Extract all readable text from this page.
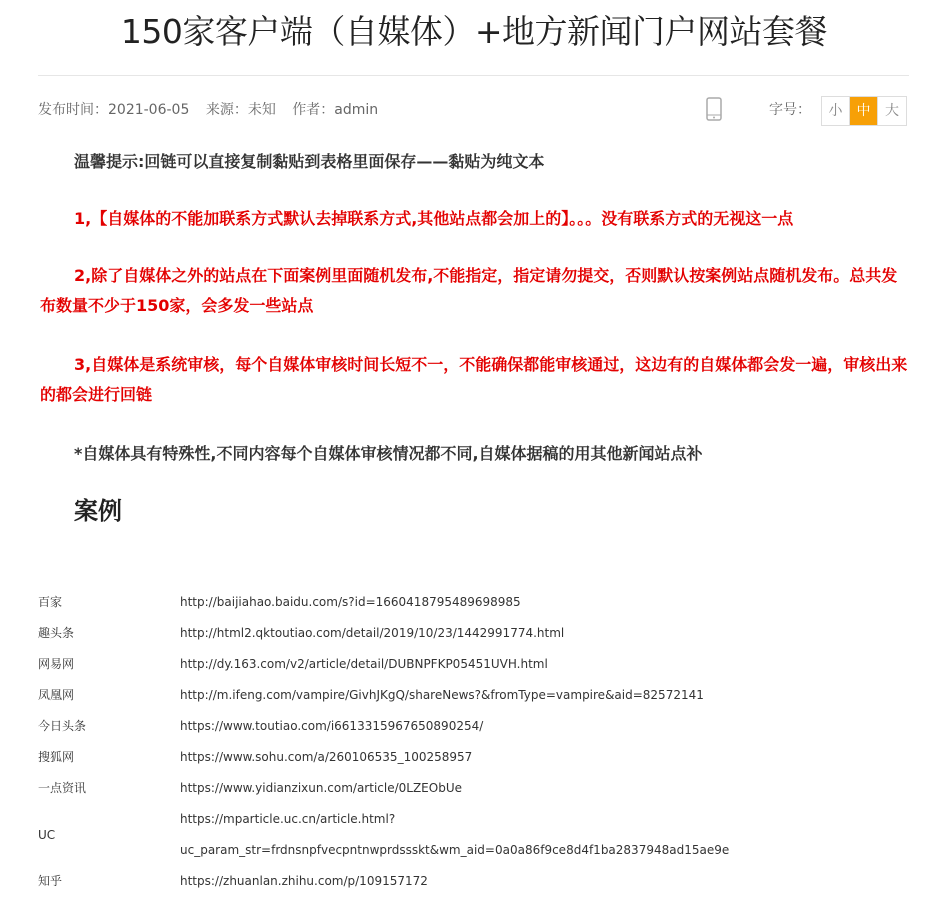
150家客户端（自媒体）+地方新闻门户网站套餐
发布时间：2021-06-05 来源：未知 作者：admin	字号：	小	中	大

温馨提示:回链可以直接复制黏贴到表格里面保存——黏贴为纯文本

1,【自媒体的不能加联系方式默认去掉联系方式,其他站点都会加上的】。。。没有联系方式的无视这一点

2,除了自媒体之外的站点在下面案例里面随机发布,不能指定，指定请勿提交，否则默认按案例站点随机发布。总共发布数量不少于150家，会多发一些站点

3,自媒体是系统审核，每个自媒体审核时间长短不一，不能确保都能审核通过，这边有的自媒体都会发一遍，审核出来的都会进行回链

*自媒体具有特殊性,不同内容每个自媒体审核情况都不同,自媒体据稿的用其他新闻站点补

案例
百家	http://baijiahao.baidu.com/s?id=1660418795489698985
趣头条	http://html2.qktoutiao.com/detail/2019/10/23/1442991774.html
网易网	http://dy.163.com/v2/article/detail/DUBNPFKP05451UVH.html
凤凰网	http://m.ifeng.com/vampire/GivhJKgQ/shareNews?&fromType=vampire&aid=82572141
今日头条	https://www.toutiao.com/i6613315967650890254/
搜狐网	https://www.sohu.com/a/260106535_100258957
一点资讯	https://www.yidianzixun.com/article/0LZEObUe
UC	https://mparticle.uc.cn/article.html?
uc_param_str=frdnsnpfvecpntnwprdssskt&wm_aid=0a0a86f9ce8d4f1ba2837948ad15ae9e

知乎	https://zhuanlan.zhihu.com/p/109157172
